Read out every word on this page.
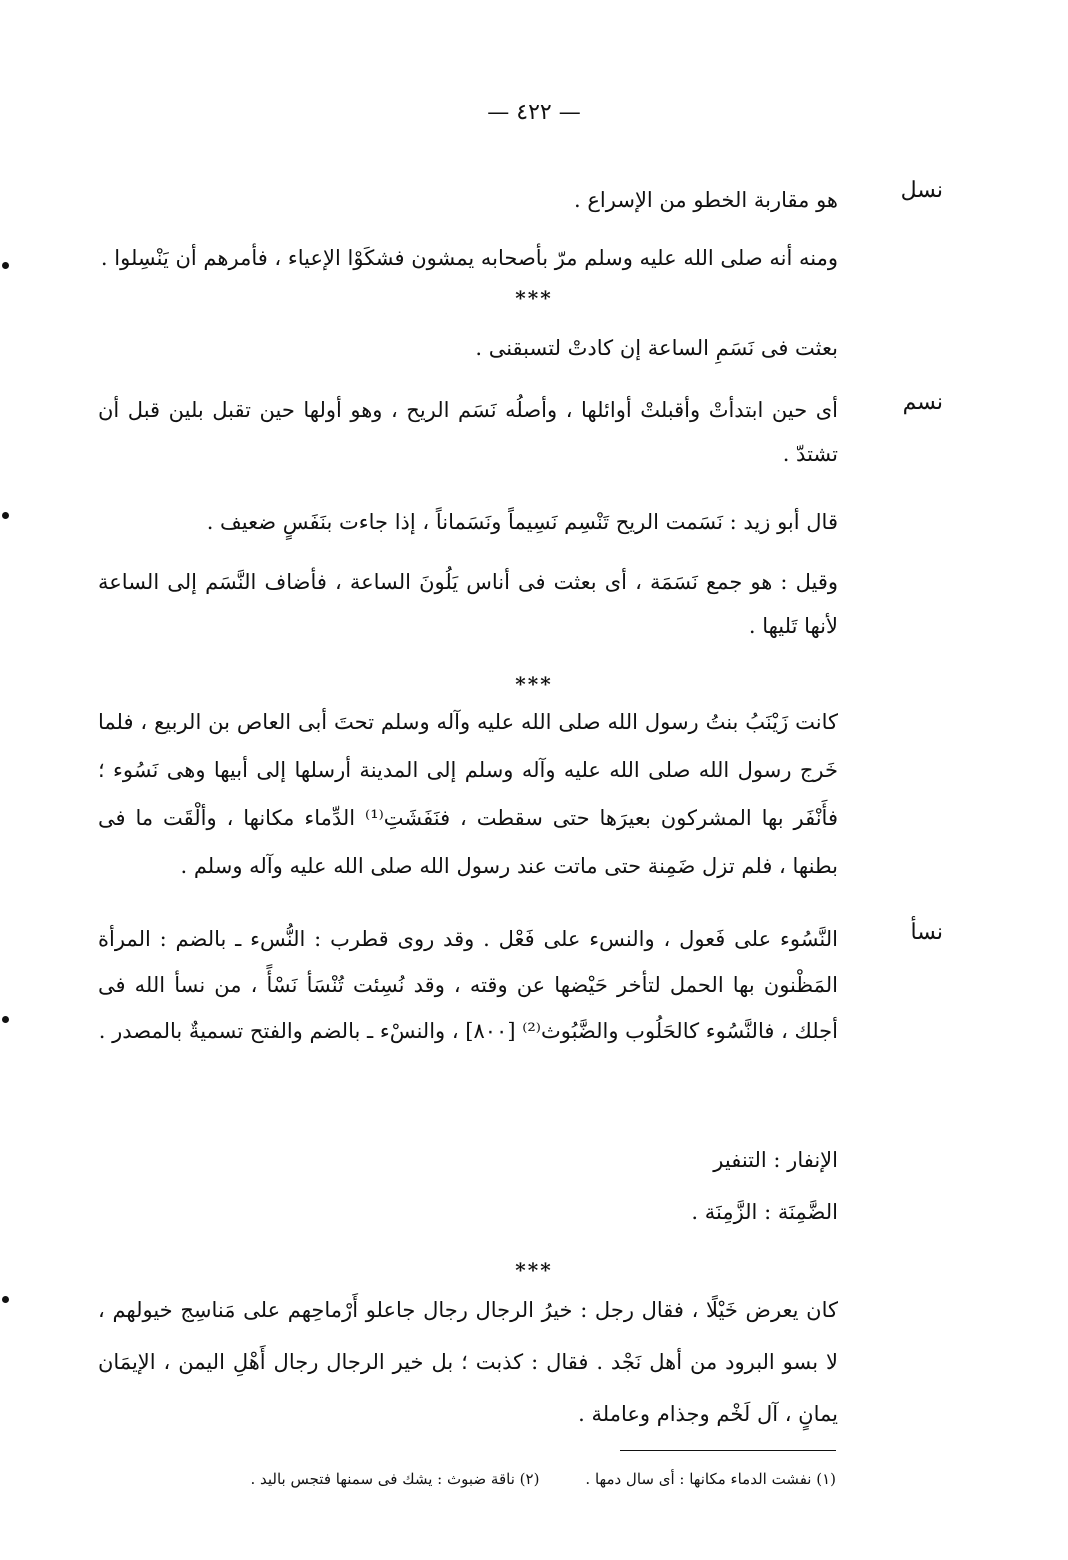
— ٤٢٢ —
نسل
هو مقاربة الخطو من الإسراع .
ومنه أنه صلى الله عليه وسلم مرّ بأصحابه يمشون فشكَوْا الإعياء ، فأمرهم أن يَنْسِلوا .
***
بعثت فى نَسَمِ الساعة إن كادتْ لتسبقنى .
نسم
أى حين ابتدأتْ وأقبلتْ أوائلها ، وأصلُه نَسَم الريح ، وهو أولها حين تقبل بلين قبل أن تشتدّ .
قال أبو زيد : نَسَمت الريح تَنْسِم نَسِيماً ونَسَماناً ، إذا جاءت بنَفَسٍ ضعيف .
وقيل : هو جمع نَسَمَة ، أى بعثت فى أناس يَلُونَ الساعة ، فأضاف النَّسَم إلى الساعة لأنها تَليها .
***
كانت زَيْنَبُ بنتُ رسول الله صلى الله عليه وآله وسلم تحتَ أبى العاص بن الربيع ، فلما خَرج رسول الله صلى الله عليه وآله وسلم إلى المدينة أرسلها إلى أبيها وهى نَسُوء ؛ فأَنْفَر بها المشركون بعيرَها حتى سقطت ، فنَفَشَتِ⁽¹⁾ الدِّماء مكانها ، وألْقَت ما فى بطنها ، فلم تزل ضَمِنة حتى ماتت عند رسول الله صلى الله عليه وآله وسلم .
نسأ
النَّسُوء على فَعول ، والنسء على فَعْل . وقد روى قطرب : النُّسء ـ بالضم : المرأة المَظْنون بها الحمل لتأخر حَيْضها عن وقته ، وقد نُسِئت تُنْسَأ نَسْأً ، من نسأ الله فى أجلك ، فالنَّسُوء كالحَلُوب والضَّبُوث⁽²⁾ [٨٠٠] ، والنسْء ـ بالضم والفتح تسميةٌ بالمصدر .
الإنفار : التنفير
الضَّمِنَة : الزَّمِنَة .
***
كان يعرض خَيْلًا ، فقال رجل : خيرُ الرجال رجال جاعلو أَرْماحِهم على مَناسِج خيولهم ، لا بسو البرود من أهل نَجْد . فقال : كذبت ؛ بل خير الرجال رجال أَهْلِ اليمن ، الإيمَان يمانٍ ، آل لَخْم وجذام وعاملة .
(١) نفشت الدماء مكانها : أى سال دمها .
(٢) ناقة ضبوث : يشك فى سمنها فتجس باليد .
